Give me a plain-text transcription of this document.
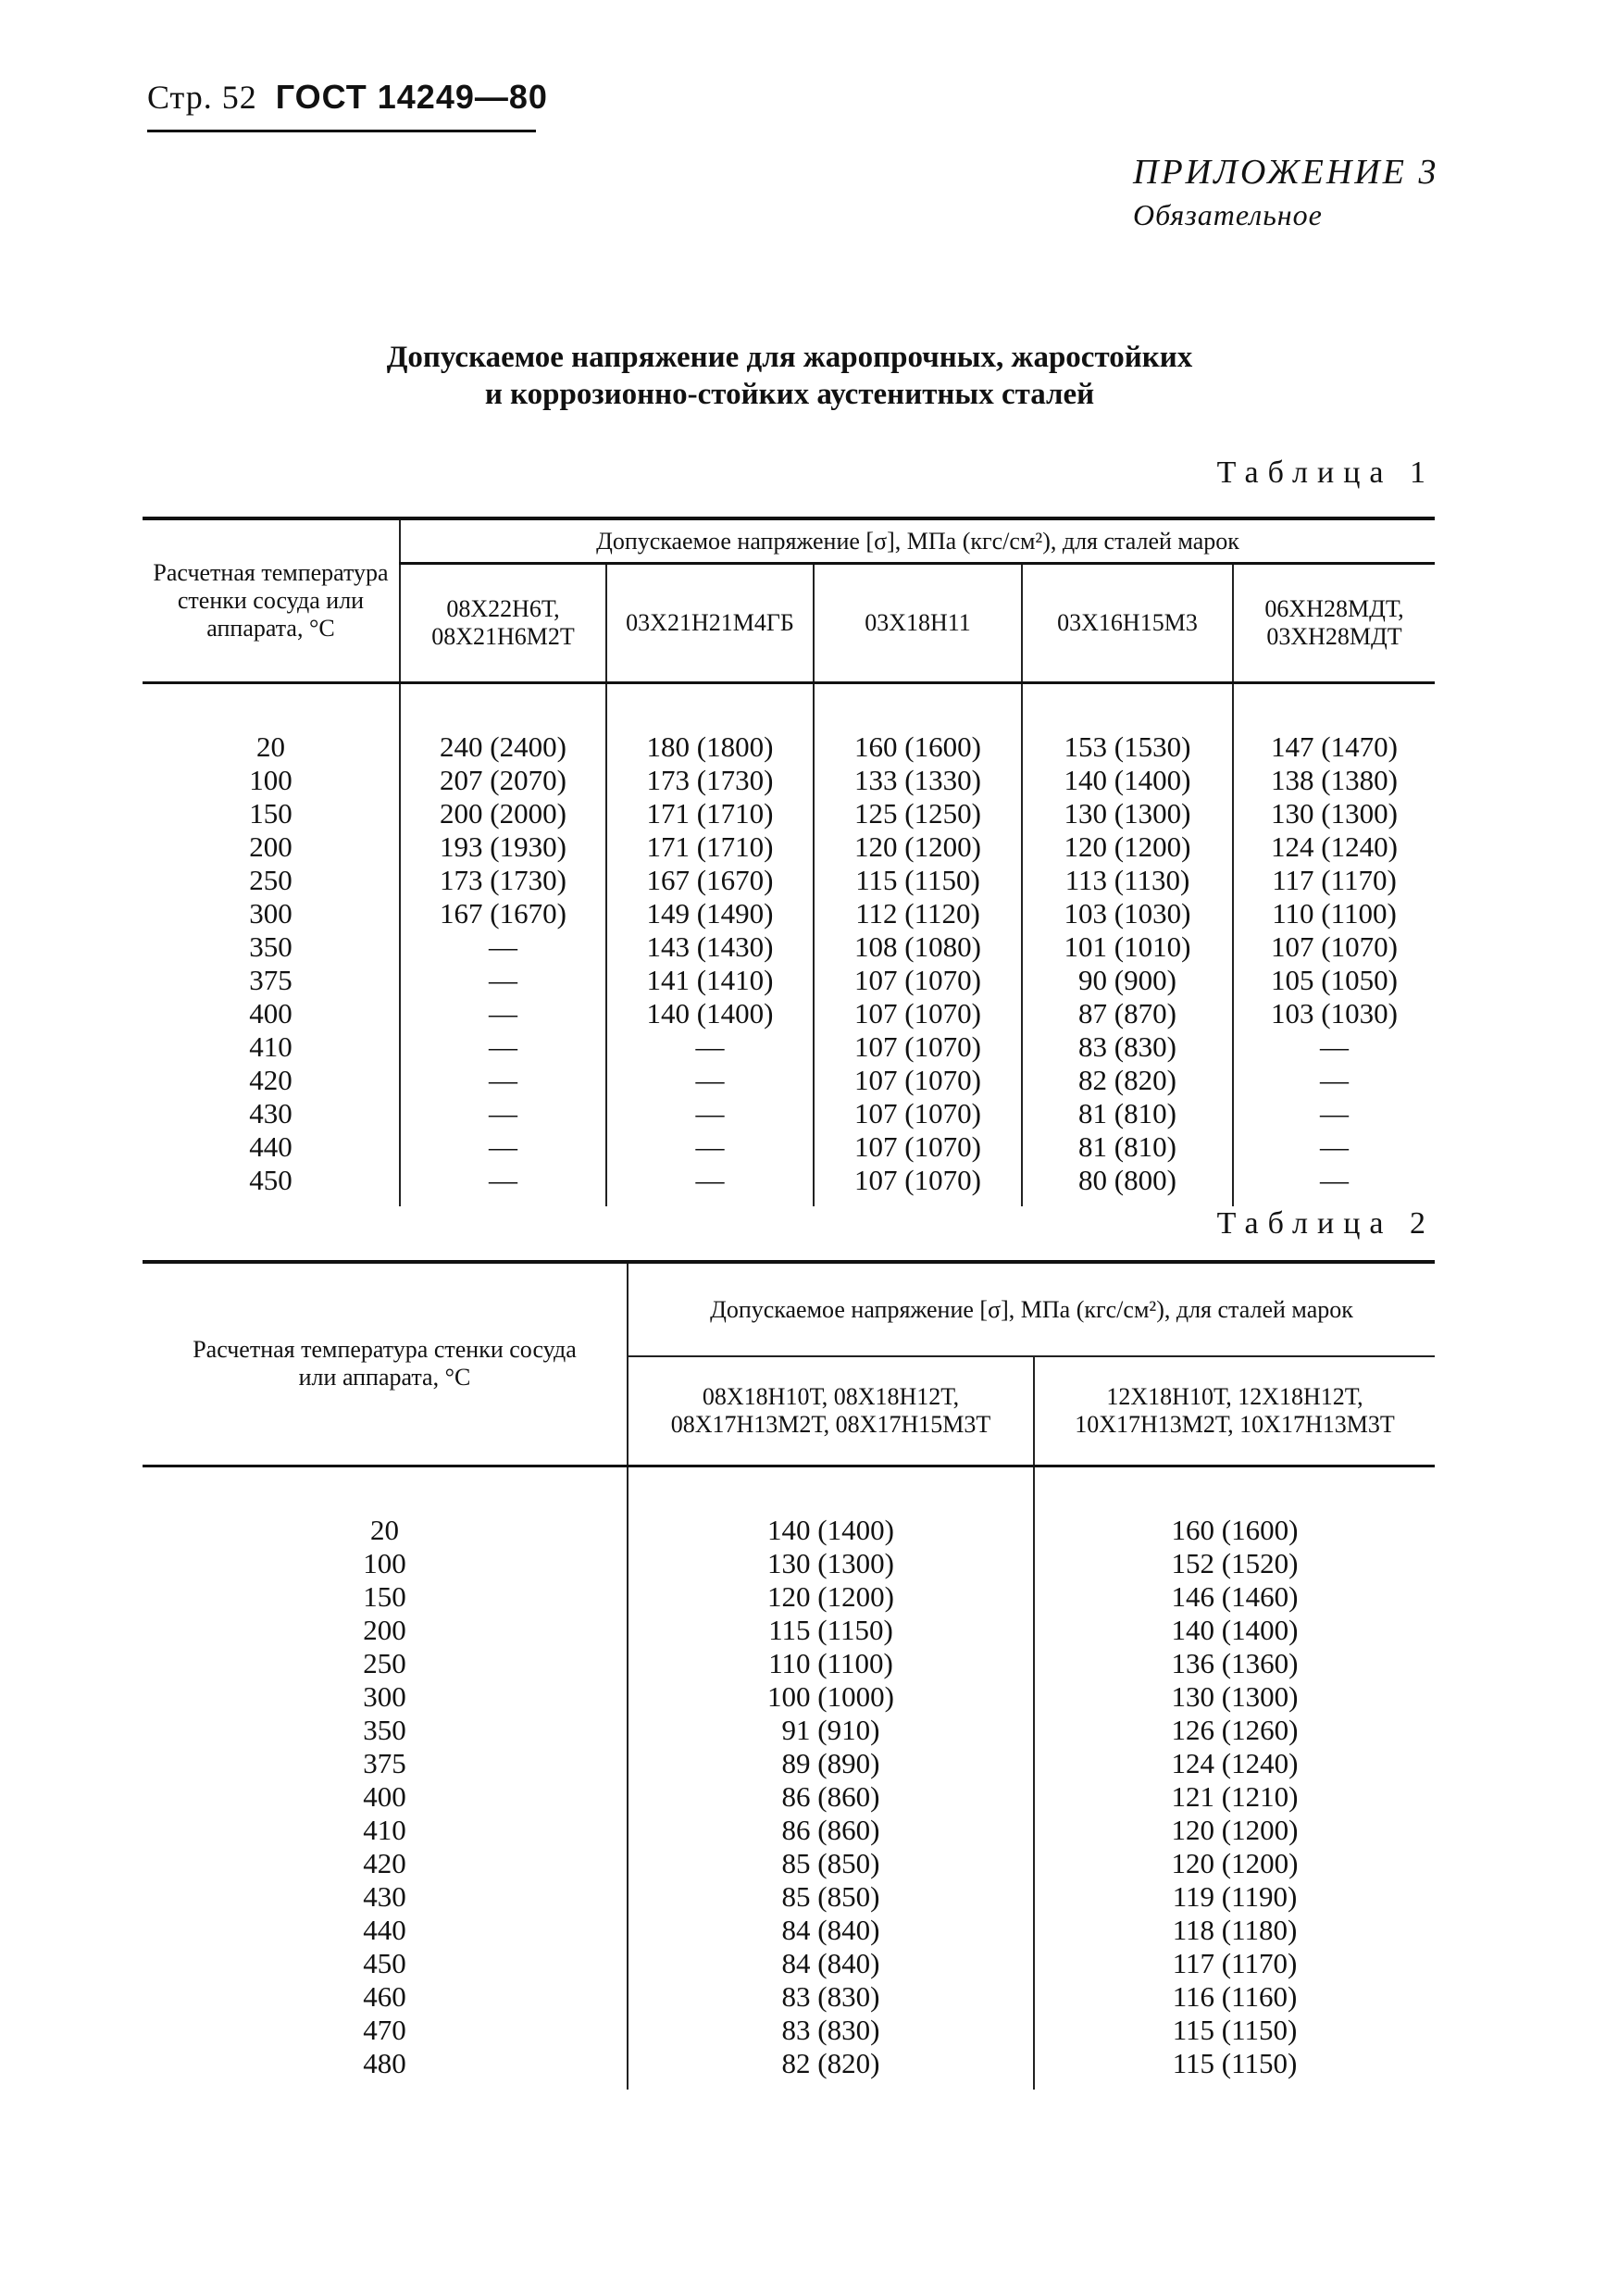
Стр. 52 ГОСТ 14249—80
ПРИЛОЖЕНИЕ 3
Обязательное
Допускаемое напряжение для жаропрочных, жаростойких
и коррозионно-стойких аустенитных сталей
Таблица 1
Расчетная температура стенки сосуда или аппарата, °С	Допускаемое напряжение [σ], МПа (кгс/см²), для сталей марок				
	08Х22Н6Т, 08Х21Н6М2Т	03Х21Н21М4ГБ	03Х18Н11	03Х16Н15М3	06ХН28МДТ, 03ХН28МДТ
20	240 (2400)	180 (1800)	160 (1600)	153 (1530)	147 (1470)
100	207 (2070)	173 (1730)	133 (1330)	140 (1400)	138 (1380)
150	200 (2000)	171 (1710)	125 (1250)	130 (1300)	130 (1300)
200	193 (1930)	171 (1710)	120 (1200)	120 (1200)	124 (1240)
250	173 (1730)	167 (1670)	115 (1150)	113 (1130)	117 (1170)
300	167 (1670)	149 (1490)	112 (1120)	103 (1030)	110 (1100)
350	—	143 (1430)	108 (1080)	101 (1010)	107 (1070)
375	—	141 (1410)	107 (1070)	90 (900)	105 (1050)
400	—	140 (1400)	107 (1070)	87 (870)	103 (1030)
410	—	—	107 (1070)	83 (830)	—
420	—	—	107 (1070)	82 (820)	—
430	—	—	107 (1070)	81 (810)	—
440	—	—	107 (1070)	81 (810)	—
450	—	—	107 (1070)	80 (800)	—
Таблица 2
Расчетная температура стенки сосуда или аппарата, °С	Допускаемое напряжение [σ], МПа (кгс/см²), для сталей марок	
	08Х18Н10Т, 08Х18Н12Т, 08Х17Н13М2Т, 08Х17Н15М3Т	12Х18Н10Т, 12Х18Н12Т, 10Х17Н13М2Т, 10Х17Н13М3Т
20	140 (1400)	160 (1600)
100	130 (1300)	152 (1520)
150	120 (1200)	146 (1460)
200	115 (1150)	140 (1400)
250	110 (1100)	136 (1360)
300	100 (1000)	130 (1300)
350	91 (910)	126 (1260)
375	89 (890)	124 (1240)
400	86 (860)	121 (1210)
410	86 (860)	120 (1200)
420	85 (850)	120 (1200)
430	85 (850)	119 (1190)
440	84 (840)	118 (1180)
450	84 (840)	117 (1170)
460	83 (830)	116 (1160)
470	83 (830)	115 (1150)
480	82 (820)	115 (1150)
